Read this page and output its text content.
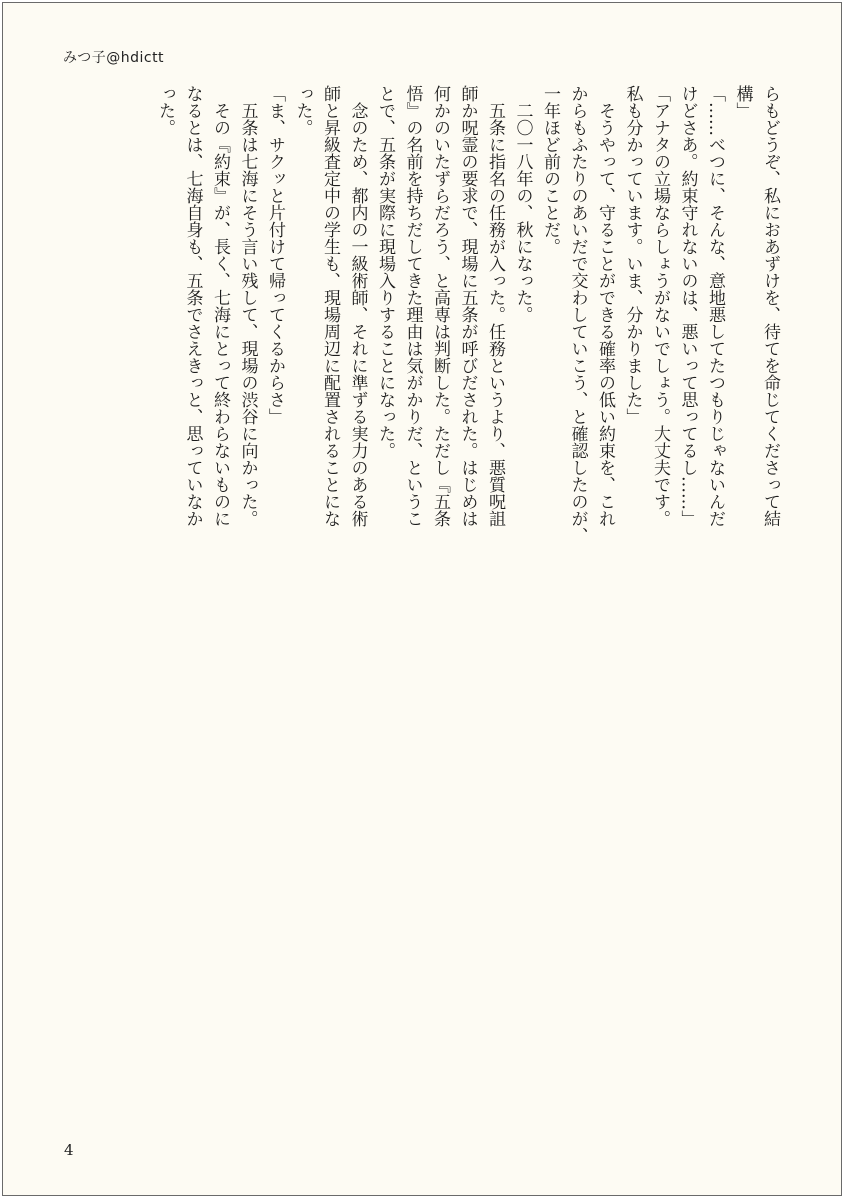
みつ子@hdictt
らもどうぞ、私におあずけを、待てを命じてくださって結
構」
「……べつに、そんな、意地悪してたつもりじゃないんだ
けどさあ。約束守れないのは、悪いって思ってるし……」
「アナタの立場ならしょうがないでしょう。大丈夫です。
私も分かっています。いま、分かりました」
　そうやって、守ることができる確率の低い約束を、これ
からもふたりのあいだで交わしていこう、と確認したのが、
一年ほど前のことだ。
　二〇一八年の、秋になった。
　五条に指名の任務が入った。任務というより、悪質呪詛
師か呪霊の要求で、現場に五条が呼びだされた。はじめは
何かのいたずらだろう、と高専は判断した。ただし『五条
悟』の名前を持ちだしてきた理由は気がかりだ、というこ
とで、五条が実際に現場入りすることになった。
　念のため、都内の一級術師、それに準ずる実力のある術
師と昇級査定中の学生も、現場周辺に配置されることにな
った。
「ま、サクッと片付けて帰ってくるからさ」
　五条は七海にそう言い残して、現場の渋谷に向かった。
　その『約束』が、長く、七海にとって終わらないものに
なるとは、七海自身も、五条でさえきっと、思っていなか
った。
4
